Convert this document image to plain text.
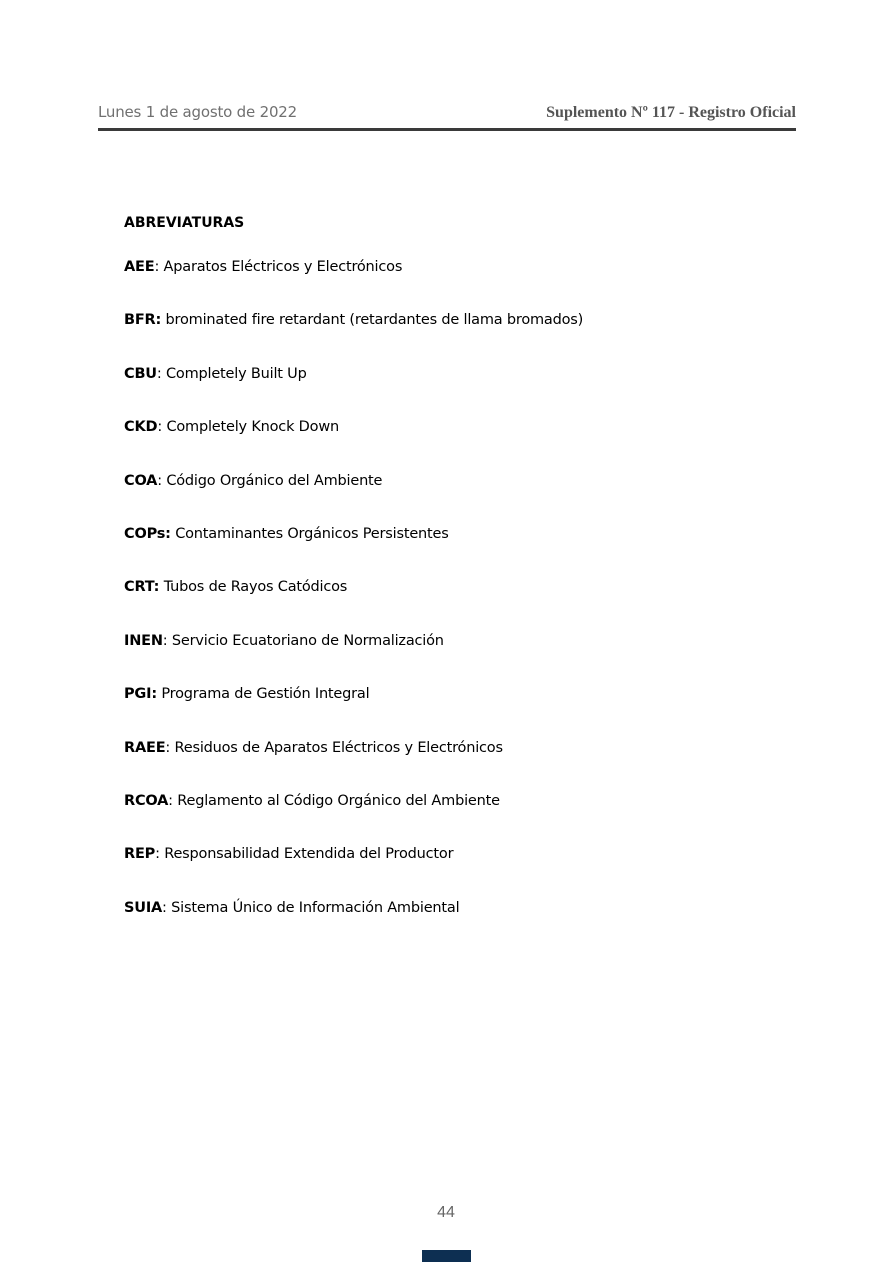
Lunes 1 de agosto de 2022	Suplemento Nº 117 - Registro Oficial
ABREVIATURAS
AEE: Aparatos Eléctricos y Electrónicos
BFR: brominated fire retardant (retardantes de llama bromados)
CBU: Completely Built Up
CKD: Completely Knock Down
COA: Código Orgánico del Ambiente
COPs: Contaminantes Orgánicos Persistentes
CRT: Tubos de Rayos Catódicos
INEN: Servicio Ecuatoriano de Normalización
PGI: Programa de Gestión Integral
RAEE: Residuos de Aparatos Eléctricos y Electrónicos
RCOA: Reglamento al Código Orgánico del Ambiente
REP: Responsabilidad Extendida del Productor
SUIA: Sistema Único de Información Ambiental
44
